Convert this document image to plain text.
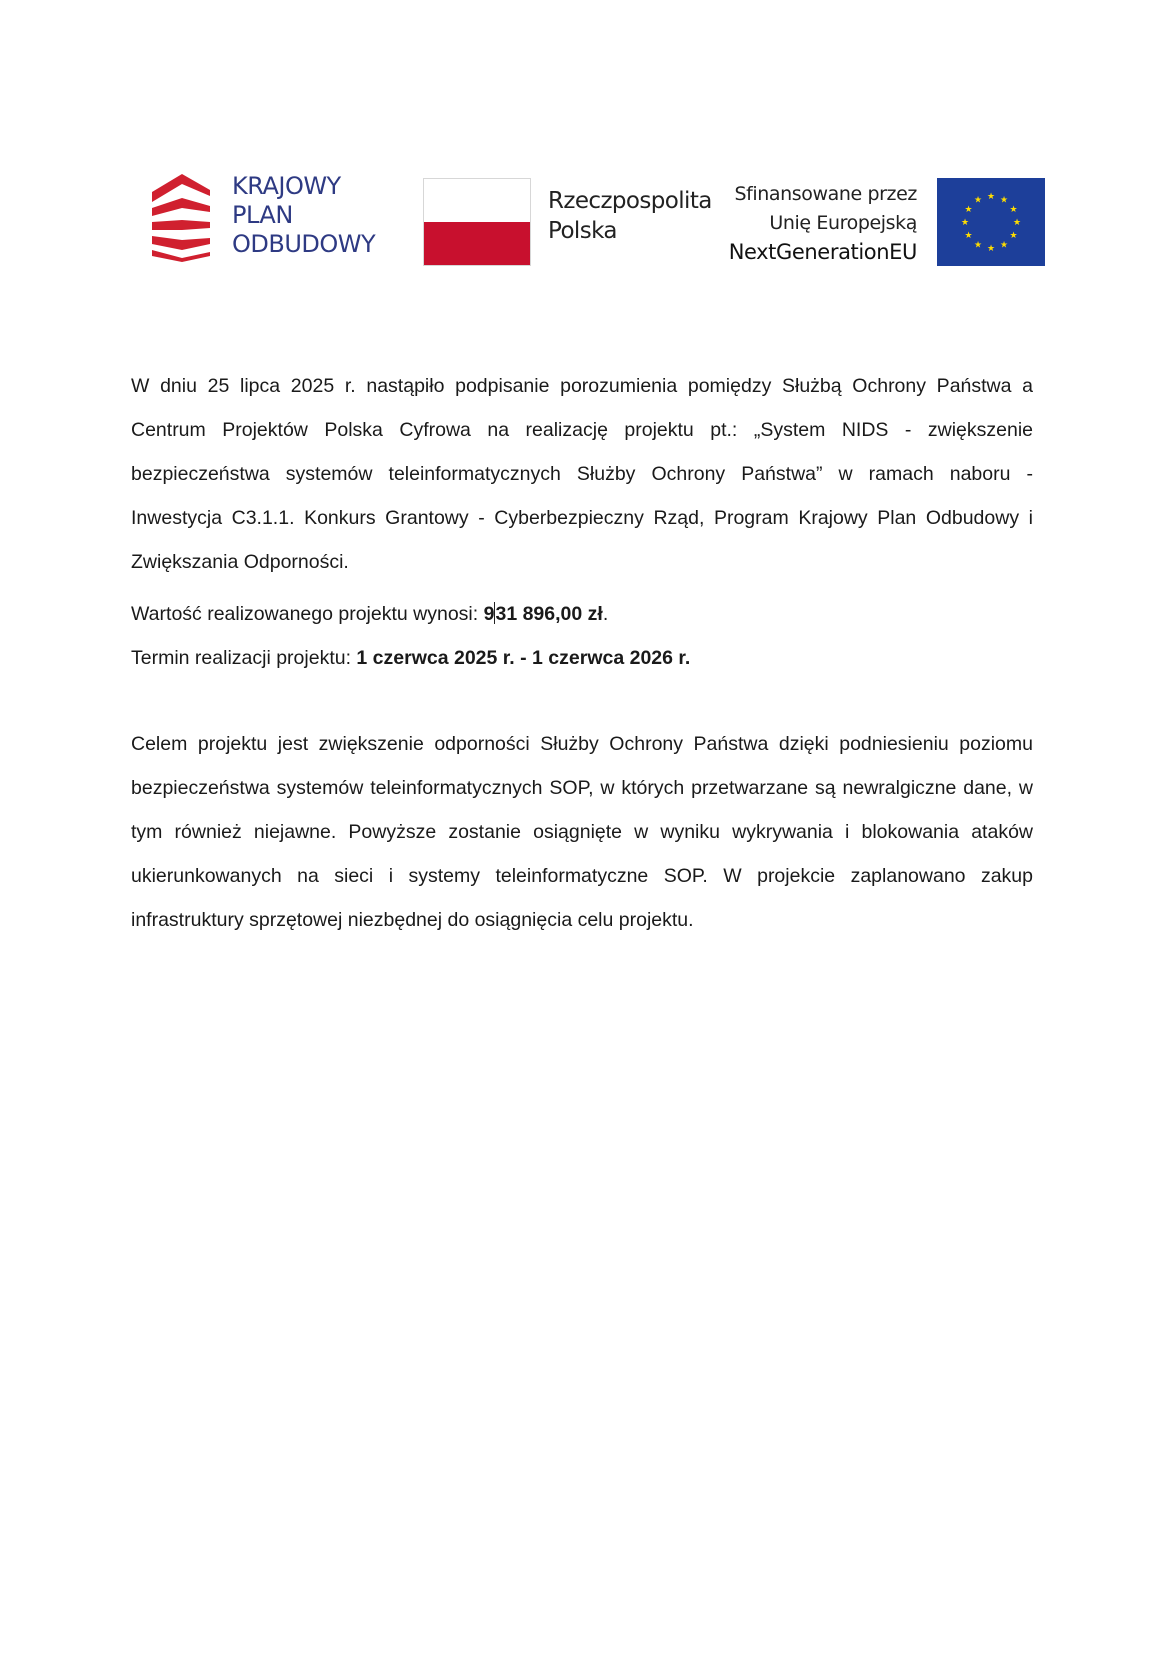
KRAJOWY
PLAN
ODBUDOWY
Rzeczpospolita
Polska
Sfinansowane przez
Unię Europejską
NextGenerationEU
★ ★
★
★
★
★
★
★
★
★
★
★

W dniu 25 lipca 2025 r. nastąpiło podpisanie porozumienia pomiędzy Służbą Ochrony Państwa a Centrum Projektów Polska Cyfrowa na realizację projektu pt.: „System NIDS - zwiększenie bezpieczeństwa systemów teleinformatycznych Służby Ochrony Państwa” w ramach naboru - Inwestycja C3.1.1. Konkurs Grantowy - Cyberbezpieczny Rząd, Program Krajowy Plan Odbudowy i Zwiększania Odporności.

Wartość realizowanego projektu wynosi: 931 896,00 zł.

Termin realizacji projektu: 1 czerwca 2025 r. - 1 czerwca 2026 r.

Celem projektu jest zwiększenie odporności Służby Ochrony Państwa dzięki podniesieniu poziomu bezpieczeństwa systemów teleinformatycznych SOP, w których przetwarzane są newralgiczne dane, w tym również niejawne. Powyższe zostanie osiągnięte w wyniku wykrywania i blokowania ataków ukierunkowanych na sieci i systemy teleinformatyczne SOP. W projekcie zaplanowano zakup infrastruktury sprzętowej niezbędnej do osiągnięcia celu projektu.
